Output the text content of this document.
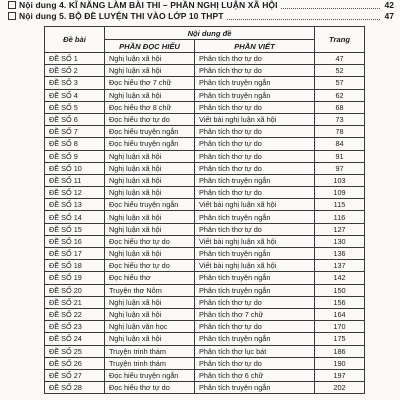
Nội dung 4. KĨ NĂNG LÀM BÀI THI – PHẦN NGHỊ LUẬN XÃ HỘI	42
Nội dung 5. BỘ ĐỀ LUYỆN THI VÀO LỚP 10 THPT	47
Đề bài	Nội dung đề		Trang
	PHẦN ĐỌC HIỂU	PHẦN VIẾT	
ĐỀ SỐ 1	Nghị luận xã hội	Phân tích thơ tự do	47
ĐỀ SỐ 2	Nghị luận xã hội	Phân tích thơ tự do	52
ĐỀ SỐ 3	Đọc hiểu thơ 7 chữ	Phân tích truyện ngắn	57
ĐỀ SỐ 4	Nghị luận xã hội	Phân tích truyện ngắn	62
ĐỀ SỐ 5	Đọc hiểu thơ 8 chữ	Phân tích thơ tự do	68
ĐỀ SỐ 6	Đọc hiểu thơ tự do	Viết bài nghị luận xã hội	73
ĐỀ SỐ 7	Đọc hiểu truyện ngắn	Phân tích thơ tự do	78
ĐỀ SỐ 8	Đọc hiểu truyện ngắn	Phân tích thơ tự do	84
ĐỀ SỐ 9	Nghị luận xã hội	Phân tích thơ tự do	91
ĐỀ SỐ 10	Nghị luận xã hội	Phân tích thơ tự do	97
ĐỀ SỐ 11	Nghị luận xã hội	Phân tích truyện ngắn	103
ĐỀ SỐ 12	Nghị luận xã hội	Phân tích thơ tự do	109
ĐỀ SỐ 13	Đọc hiểu truyện ngắn	Viết bài nghị luận xã hội	115
ĐỀ SỐ 14	Nghị luận xã hội	Phân tích truyện ngắn	116
ĐỀ SỐ 15	Nghị luận xã hội	Phân tích thơ tự do	127
ĐỀ SỐ 16	Đọc hiểu thơ tự do	Viết bài nghị luận xã hội	130
ĐỀ SỐ 17	Nghị luận xã hội	Phân tích truyện ngắn	136
ĐỀ SỐ 18	Đọc hiểu thơ tự do	Viết bài nghị luận xã hội	137
ĐỀ SỐ 19	Đọc hiểu thơ	Phân tích truyện ngắn	142
ĐỀ SỐ 20	Truyện thơ Nôm	Phân tích truyện ngắn	150
ĐỀ SỐ 21	Nghị luận xã hội	Phân tích thơ tự do	156
ĐỀ SỐ 22	Nghị luận xã hội	Phân tích thơ 7 chữ	164
ĐỀ SỐ 23	Nghị luận văn học	Phân tích thơ tự do	170
ĐỀ SỐ 24	Nghị luận xã hội	Phân tích truyện ngắn	175
ĐỀ SỐ 25	Truyện trinh thám	Phân tích thơ lục bát	186
ĐỀ SỐ 26	Truyện trinh thám	Phân tích thơ tự do	190
ĐỀ SỐ 27	Đọc hiểu truyện ngắn	Phân tích thơ 6 chữ	197
ĐỀ SỐ 28	Đọc hiểu thơ tự do	Phân tích truyện ngắn	202
